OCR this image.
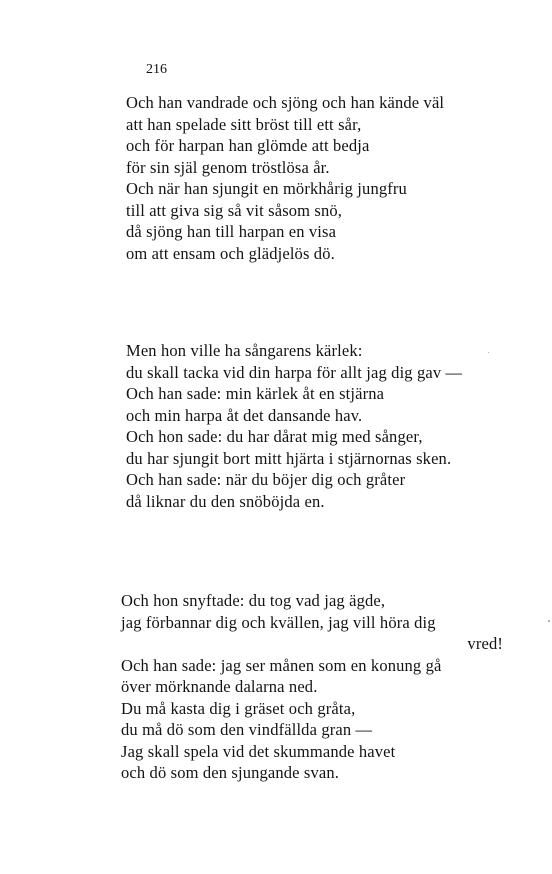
216
Och han vandrade och sjöng och han kände väl
att han spelade sitt bröst till ett sår,
och för harpan han glömde att bedja
för sin själ genom tröstlösa år.
Och när han sjungit en mörkhårig jungfru
till att giva sig så vit såsom snö,
då sjöng han till harpan en visa
om att ensam och glädjelös dö.
Men hon ville ha sångarens kärlek:
du skall tacka vid din harpa för allt jag dig gav —
Och han sade: min kärlek åt en stjärna
och min harpa åt det dansande hav.
Och hon sade: du har dårat mig med sånger,
du har sjungit bort mitt hjärta i stjärnornas sken.
Och han sade: när du böjer dig och gråter
då liknar du den snöböjda en.
Och hon snyftade: du tog vad jag ägde,
jag förbannar dig och kvällen, jag vill höra dig
vred!
Och han sade: jag ser månen som en konung gå
över mörknande dalarna ned.
Du må kasta dig i gräset och gråta,
du må dö som den vindfällda gran —
Jag skall spela vid det skummande havet
och dö som den sjungande svan.
